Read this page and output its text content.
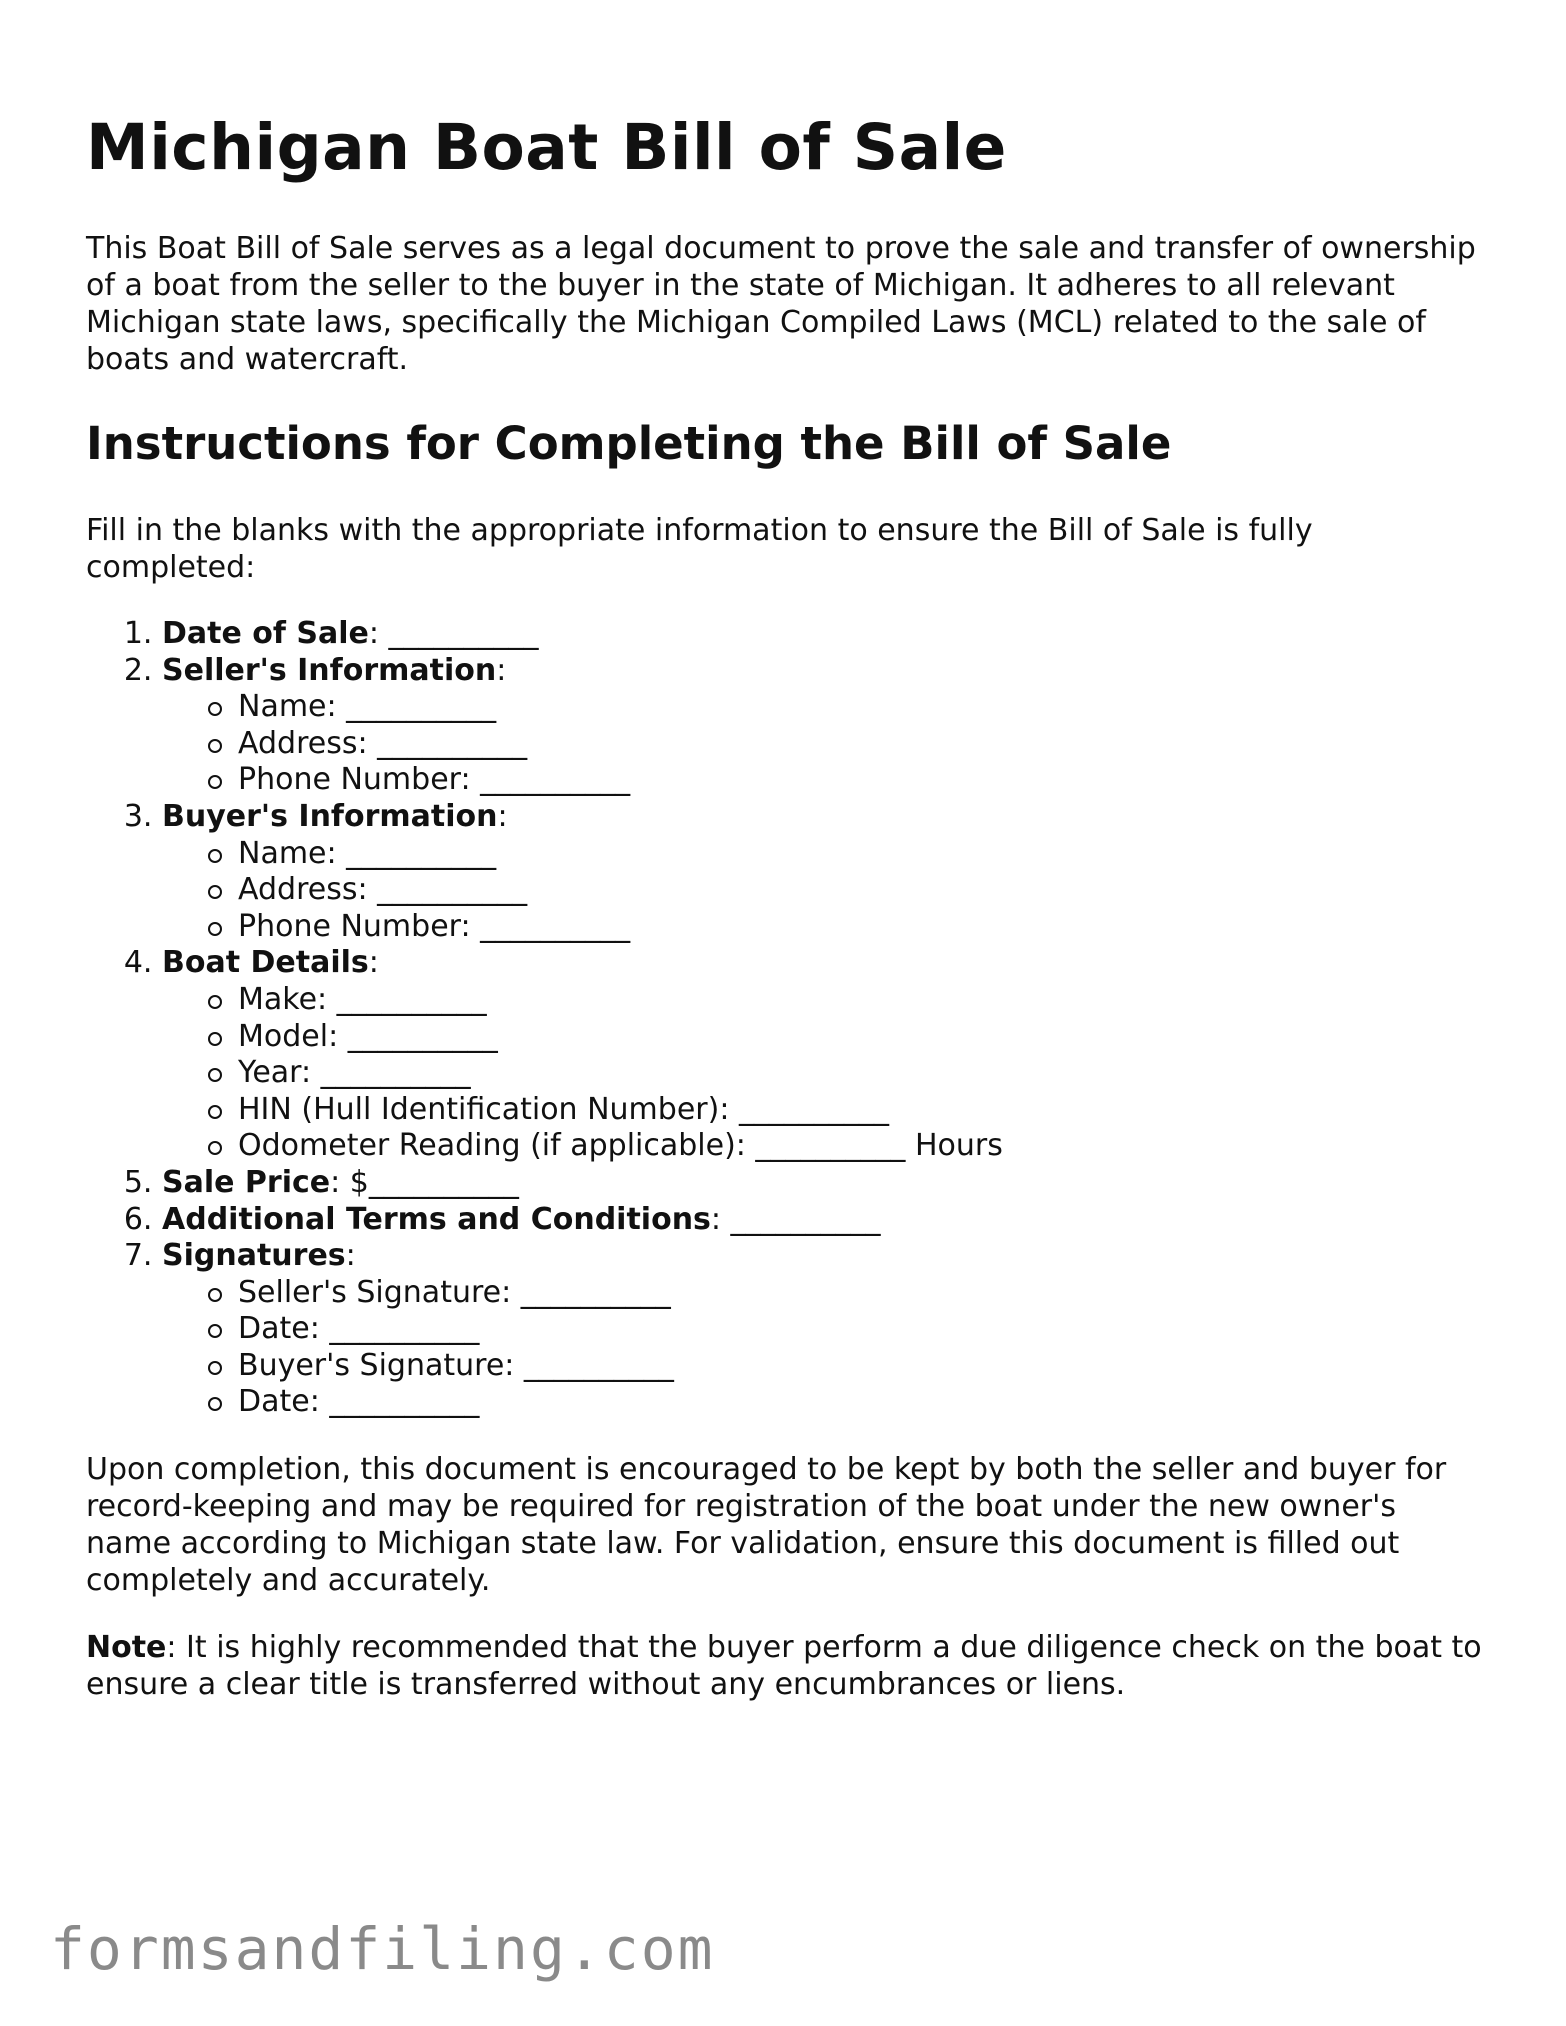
Michigan Boat Bill of Sale

This Boat Bill of Sale serves as a legal document to prove the sale and transfer of ownership of a boat from the seller to the buyer in the state of Michigan. It adheres to all relevant Michigan state laws, specifically the Michigan Compiled Laws (MCL) related to the sale of boats and watercraft.

Instructions for Completing the Bill of Sale

Fill in the blanks with the appropriate information to ensure the Bill of Sale is fully completed:

1. Date of Sale: __________
2. Seller's Information:
Name: __________
Address: __________
Phone Number: __________
3. Buyer's Information:
Name: __________
Address: __________
Phone Number: __________
4. Boat Details:
Make: __________
Model: __________
Year: __________
HIN (Hull Identification Number): __________
Odometer Reading (if applicable): __________ Hours
5. Sale Price: $__________
6. Additional Terms and Conditions: __________
7. Signatures:
Seller's Signature: __________
Date: __________
Buyer's Signature: __________
Date: __________

Upon completion, this document is encouraged to be kept by both the seller and buyer for record-keeping and may be required for registration of the boat under the new owner's name according to Michigan state law. For validation, ensure this document is filled out completely and accurately.

Note: It is highly recommended that the buyer perform a due diligence check on the boat to ensure a clear title is transferred without any encumbrances or liens.

formsandfiling.com
